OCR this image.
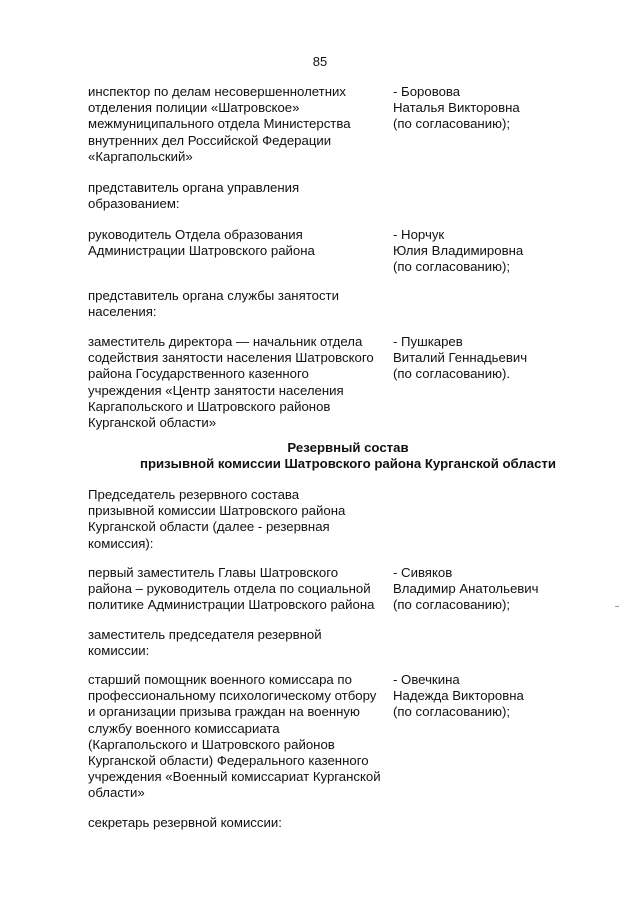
85
инспектор по делам несовершеннолетних
отделения полиции «Шатровское»
межмуниципального отдела Министерства
внутренних дел Российской Федерации
«Каргапольский»
- Боровова
Наталья Викторовна
(по согласованию);
представитель органа управления
образованием:
руководитель Отдела образования
Администрации Шатровского района
- Норчук
Юлия Владимировна
(по согласованию);
представитель органа службы занятости
населения:
заместитель директора — начальник отдела
содействия занятости населения Шатровского
района Государственного казенного
учреждения «Центр занятости населения
Каргапольского и Шатровского районов
Курганской области»
- Пушкарев
Виталий Геннадьевич
(по согласованию).
Резервный состав
призывной комиссии Шатровского района Курганской области
Председатель резервного состава
призывной комиссии Шатровского района
Курганской области (далее - резервная
комиссия):
первый заместитель Главы Шатровского
района – руководитель отдела по социальной
политике Администрации Шатровского района
- Сивяков
Владимир Анатольевич
(по согласованию);
заместитель председателя резервной
комиссии:
старший помощник военного комиссара по
профессиональному психологическому отбору
и организации призыва граждан на военную
службу военного комиссариата
(Каргапольского и Шатровского районов
Курганской области) Федерального казенного
учреждения «Военный комиссариат Курганской
области»
- Овечкина
Надежда Викторовна
(по согласованию);
секретарь резервной комиссии:
